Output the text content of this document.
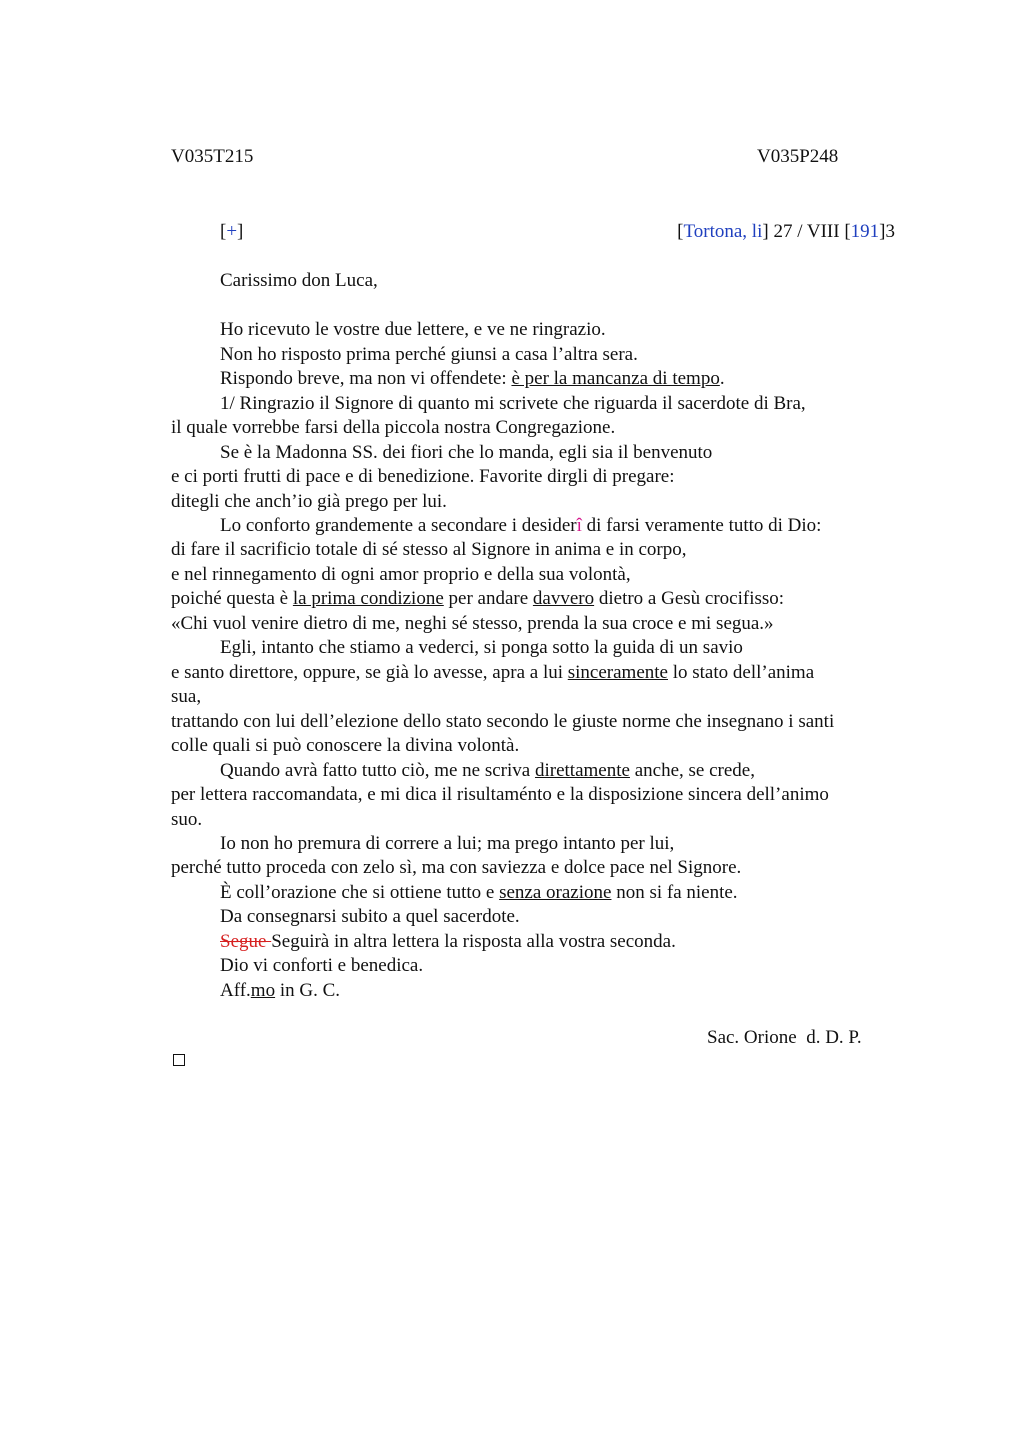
V035T215	V035P248
[+]	[Tortona, li] 27 / VIII [191]3
Carissimo don Luca,
Ho ricevuto le vostre due lettere, e ve ne ringrazio.
Non ho risposto prima perché giunsi a casa l’altra sera.
Rispondo breve, ma non vi offendete: è per la mancanza di tempo.
1/ Ringrazio il Signore di quanto mi scrivete che riguarda il sacerdote di Bra,
il quale vorrebbe farsi della piccola nostra Congregazione.
Se è la Madonna SS. dei fiori che lo manda, egli sia il benvenuto
e ci porti frutti di pace e di benedizione. Favorite dirgli di pregare:
ditegli che anch’io già prego per lui.
Lo conforto grandemente a secondare i desiderî di farsi veramente tutto di Dio:
di fare il sacrificio totale di sé stesso al Signore in anima e in corpo,
e nel rinnegamento di ogni amor proprio e della sua volontà,
poiché questa è la prima condizione per andare davvero dietro a Gesù crocifisso:
«Chi vuol venire dietro di me, neghi sé stesso, prenda la sua croce e mi segua.»
Egli, intanto che stiamo a vederci, si ponga sotto la guida di un savio
e santo direttore, oppure, se già lo avesse, apra a lui sinceramente lo stato dell’anima
sua,
trattando con lui dell’elezione dello stato secondo le giuste norme che insegnano i santi
colle quali si può conoscere la divina volontà.
Quando avrà fatto tutto ciò, me ne scriva direttamente anche, se crede,
per lettera raccomandata, e mi dica il risultaménto e la disposizione sincera dell’animo
suo.
Io non ho premura di correre a lui; ma prego intanto per lui,
perché tutto proceda con zelo sì, ma con saviezza e dolce pace nel Signore.
È coll’orazione che si ottiene tutto e senza orazione non si fa niente.
Da consegnarsi subito a quel sacerdote.
Segue Seguirà in altra lettera la risposta alla vostra seconda.
Dio vi conforti e benedica.
Aff.mo in G. C.
Sac. Orione  d. D. P.
